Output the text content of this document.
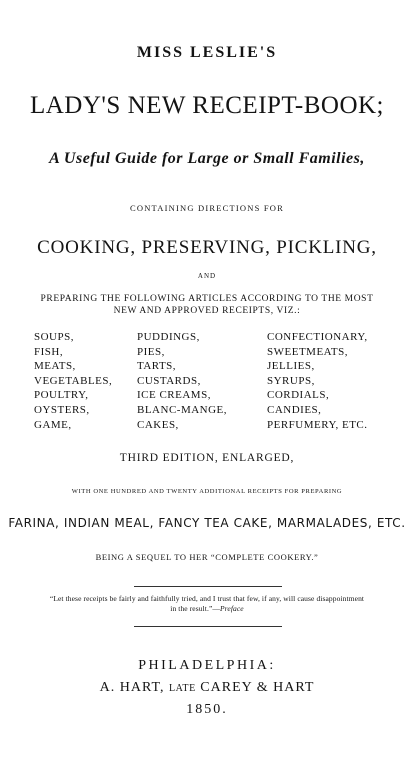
MISS LESLIE'S
LADY'S NEW RECEIPT-BOOK;
A Useful Guide for Large or Small Families,
CONTAINING DIRECTIONS FOR
COOKING, PRESERVING, PICKLING,
AND
PREPARING THE FOLLOWING ARTICLES ACCORDING TO THE MOST NEW AND APPROVED RECEIPTS, VIZ.:
SOUPS,
FISH,
MEATS,
VEGETABLES,
POULTRY,
OYSTERS,
GAME,
PUDDINGS,
PIES,
TARTS,
CUSTARDS,
ICE CREAMS,
BLANC-MANGE,
CAKES,
CONFECTIONARY,
SWEETMEATS,
JELLIES,
SYRUPS,
CORDIALS,
CANDIES,
PERFUMERY, ETC.
THIRD EDITION, ENLARGED,
WITH ONE HUNDRED AND TWENTY ADDITIONAL RECEIPTS FOR PREPARING
FARINA, INDIAN MEAL, FANCY TEA CAKE, MARMALADES, ETC.
BEING A SEQUEL TO HER “COMPLETE COOKERY.”
“Let these receipts be fairly and faithfully tried, and I trust that few, if any, will cause disappointment in the result.”—Preface
PHILADELPHIA:
A. HART, LATE CAREY & HART
1850.
